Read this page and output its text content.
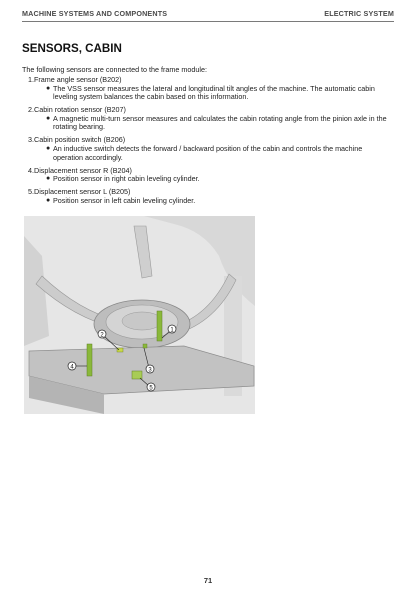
MACHINE SYSTEMS AND COMPONENTS	ELECTRIC SYSTEM
SENSORS, CABIN
The following sensors are connected to the frame module:
1. Frame angle sensor (B202)
● The VSS sensor measures the lateral and longitudinal tilt angles of the machine. The automatic cabin leveling system balances the cabin based on this information.
2. Cabin rotation sensor (B207)
● A magnetic multi-turn sensor measures and calculates the cabin rotating angle from the pinion axle in the rotating bearing.
3. Cabin position switch (B206)
● An inductive switch detects the forward / backward position of the cabin and controls the machine operation accordingly.
4. Displacement sensor R (B204)
● Position sensor in right cabin leveling cylinder.
5. Displacement sensor L (B205)
● Position sensor in left cabin leveling cylinder.
1
2
3
4
5
71
